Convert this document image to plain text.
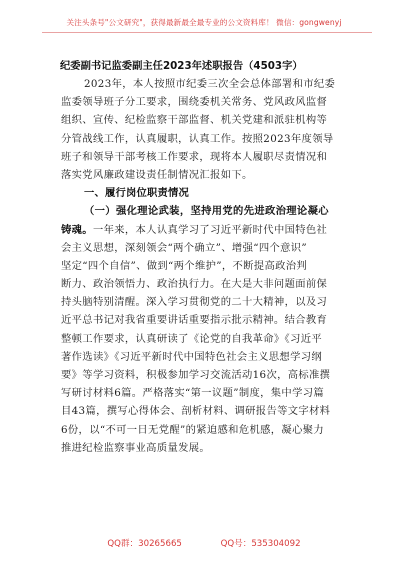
关注头条号"公文研究"，获得最新最全最专业的公文资料库！ 微信：gongwenyj
纪委副书记监委副主任2023年述职报告（4503字）
2023年，本人按照市纪委三次全会总体部署和市纪委
监委领导班子分工要求，围绕委机关常务、党风政风监督
组织、宣传、纪检监察干部监督、机关党建和派驻机构等
分管战线工作，认真履职，认真工作。按照2023年度领导
班子和领导干部考核工作要求，现将本人履职尽责情况和
落实党风廉政建设责任制情况汇报如下。
一、履行岗位职责情况
（一）强化理论武装，坚持用党的先进政治理论凝心
铸魂。一年来，本人认真学习了习近平新时代中国特色社
会主义思想，深刻领会“两个确立”、增强“四个意识”
坚定“四个自信”、做到“两个维护”，不断提高政治判
断力、政治领悟力、政治执行力。在大是大非问题面前保
持头脑特别清醒。深入学习贯彻党的二十大精神，以及习
近平总书记对我省重要讲话重要指示批示精神。结合教育
整顿工作要求，认真研读了《论党的自我革命》《习近平
著作选读》《习近平新时代中国特色社会主义思想学习纲
要》等学习资料，积极参加学习交流活动16次，高标准撰
写研讨材料6篇。严格落实“第一议题”制度，集中学习篇
目43篇，撰写心得体会、剖析材料、调研报告等文字材料
6份，以“不可一日无党醒”的紧迫感和危机感，凝心聚力
推进纪检监察事业高质量发展。
QQ群：30265665	QQ号：535304092
